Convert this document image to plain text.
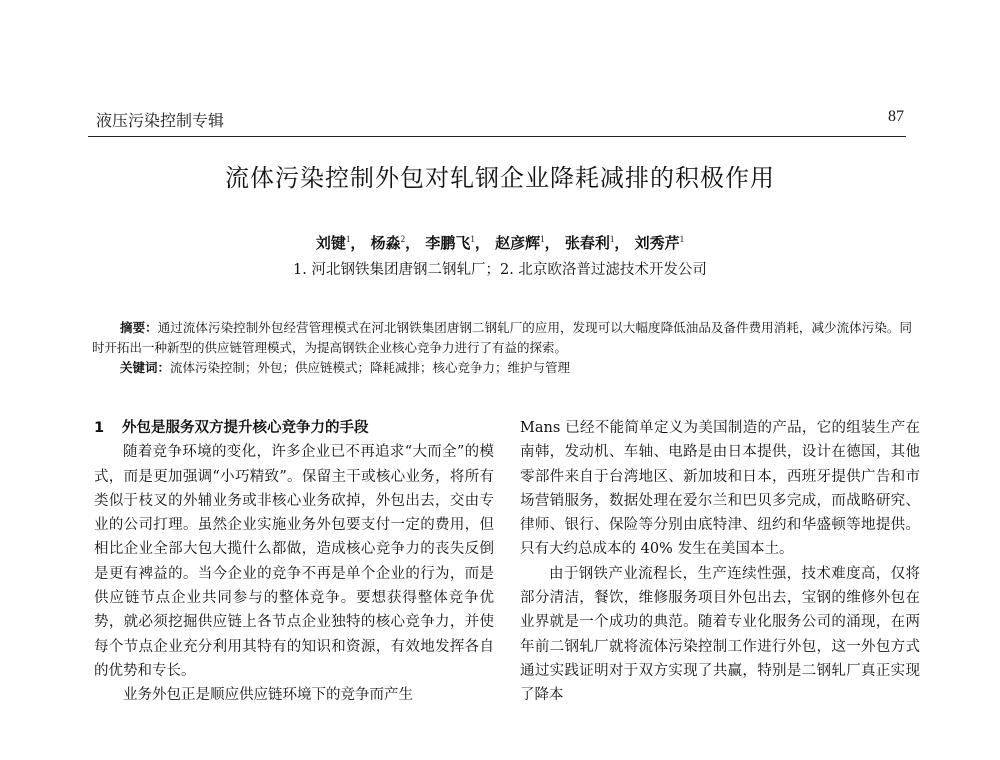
液压污染控制专辑	87
流体污染控制外包对轧钢企业降耗减排的积极作用
刘键$^1$， 杨淼$^2$， 李鹏飞$^1$， 赵彦辉$^1$， 张春利$^1$， 刘秀芹$^1$
1. 河北钢铁集团唐钢二钢轧厂；2. 北京欧洛普过滤技术开发公司

摘要：通过流体污染控制外包经营管理模式在河北钢铁集团唐钢二钢轧厂的应用，发现可以大幅度降低油品及备件费用消耗，减少流体污染。同时开拓出一种新型的供应链管理模式，为提高钢铁企业核心竞争力进行了有益的探索。

关键词：流体污染控制；外包；供应链模式；降耗减排；核心竞争力；维护与管理

1 外包是服务双方提升核心竞争力的手段

随着竞争环境的变化，许多企业已不再追求“大而全”的模式，而是更加强调“小巧精致”。保留主干或核心业务，将所有类似于枝叉的外辅业务或非核心业务砍掉，外包出去，交由专业的公司打理。虽然企业实施业务外包要支付一定的费用，但相比企业全部大包大揽什么都做，造成核心竞争力的丧失反倒是更有裨益的。当今企业的竞争不再是单个企业的行为，而是供应链节点企业共同参与的整体竞争。要想获得整体竞争优势，就必须挖掘供应链上各节点企业独特的核心竞争力，并使每个节点企业充分利用其特有的知识和资源，有效地发挥各自的优势和专长。

业务外包正是顺应供应链环境下的竞争而产生

Mans 已经不能简单定义为美国制造的产品，它的组装生产在南韩，发动机、车轴、电路是由日本提供，设计在德国，其他零部件来自于台湾地区、新加坡和日本，西班牙提供广告和市场营销服务，数据处理在爱尔兰和巴贝多完成，而战略研究、律师、银行、保险等分别由底特津、纽约和华盛顿等地提供。只有大约总成本的 40% 发生在美国本土。

由于钢铁产业流程长，生产连续性强，技术难度高，仅将部分清洁，餐饮，维修服务项目外包出去，宝钢的维修外包在业界就是一个成功的典范。随着专业化服务公司的涌现，在两年前二钢轧厂就将流体污染控制工作进行外包，这一外包方式通过实践证明对于双方实现了共赢，特别是二钢轧厂真正实现了降本
